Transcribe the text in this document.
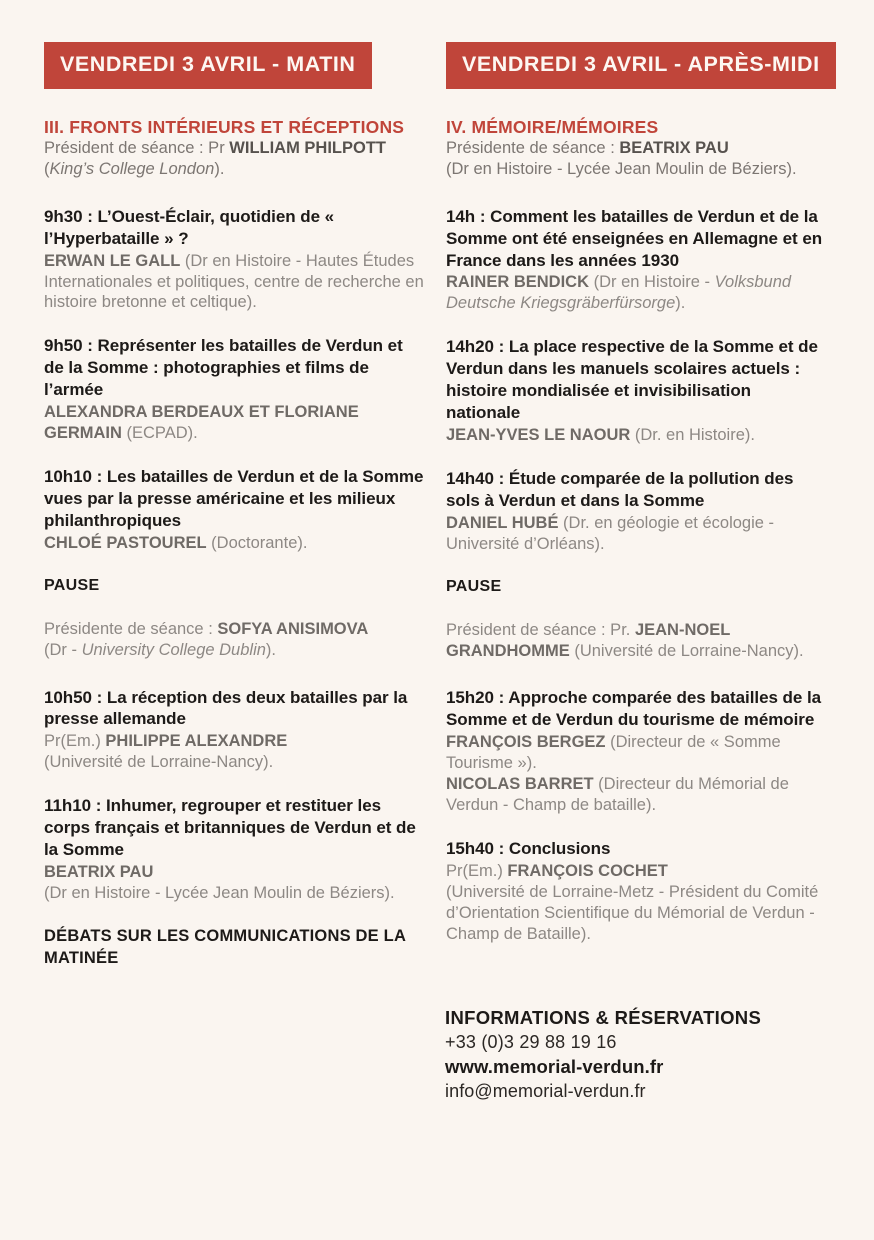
VENDREDI 3 AVRIL - MATIN
III. FRONTS INTÉRIEURS ET RÉCEPTIONS

Président de séance : Pr WILLIAM PHILPOTT
(King’s College London).

9h30 : L’Ouest-Éclair, quotidien de « l’Hyperbataille » ?

ERWAN LE GALL (Dr en Histoire - Hautes Études Internationales et politiques, centre de recherche en histoire bretonne et celtique).

9h50 : Représenter les batailles de Verdun et de la Somme : photographies et films de l’armée

ALEXANDRA BERDEAUX ET FLORIANE GERMAIN (ECPAD).

10h10 : Les batailles de Verdun et de la Somme vues par la presse américaine et les milieux philanthropiques

CHLOÉ PASTOUREL (Doctorante).

PAUSE

Présidente de séance : SOFYA ANISIMOVA
(Dr - University College Dublin).

10h50 : La réception des deux batailles par la presse allemande

Pr(Em.) PHILIPPE ALEXANDRE
(Université de Lorraine-Nancy).

11h10 : Inhumer, regrouper et restituer les corps français et britanniques de Verdun et de la Somme

BEATRIX PAU
(Dr en Histoire - Lycée Jean Moulin de Béziers).

DÉBATS SUR LES COMMUNICATIONS DE LA MATINÉE

VENDREDI 3 AVRIL - APRÈS-MIDI
IV. MÉMOIRE/MÉMOIRES

Présidente de séance : BEATRIX PAU
(Dr en Histoire - Lycée Jean Moulin de Béziers).

14h : Comment les batailles de Verdun et de la Somme ont été enseignées en Allemagne et en France dans les années 1930

RAINER BENDICK (Dr en Histoire - Volksbund Deutsche Kriegsgräberfürsorge).

14h20 : La place respective de la Somme et de Verdun dans les manuels scolaires actuels : histoire mondialisée et invisibilisation nationale

JEAN-YVES LE NAOUR (Dr. en Histoire).

14h40 : Étude comparée de la pollution des sols à Verdun et dans la Somme

DANIEL HUBÉ (Dr. en géologie et écologie - Université d’Orléans).

PAUSE

Président de séance : Pr. JEAN-NOEL GRANDHOMME (Université de Lorraine-Nancy).

15h20 : Approche comparée des batailles de la Somme et de Verdun du tourisme de mémoire

FRANÇOIS BERGEZ (Directeur de « Somme Tourisme »).
NICOLAS BARRET (Directeur du Mémorial de Verdun - Champ de bataille).

15h40 : Conclusions

Pr(Em.) FRANÇOIS COCHET
(Université de Lorraine-Metz - Président du Comité d’Orientation Scientifique du Mémorial de Verdun - Champ de Bataille).

INFORMATIONS & RÉSERVATIONS

+33 (0)3 29 88 19 16

www.memorial-verdun.fr

info@memorial-verdun.fr
